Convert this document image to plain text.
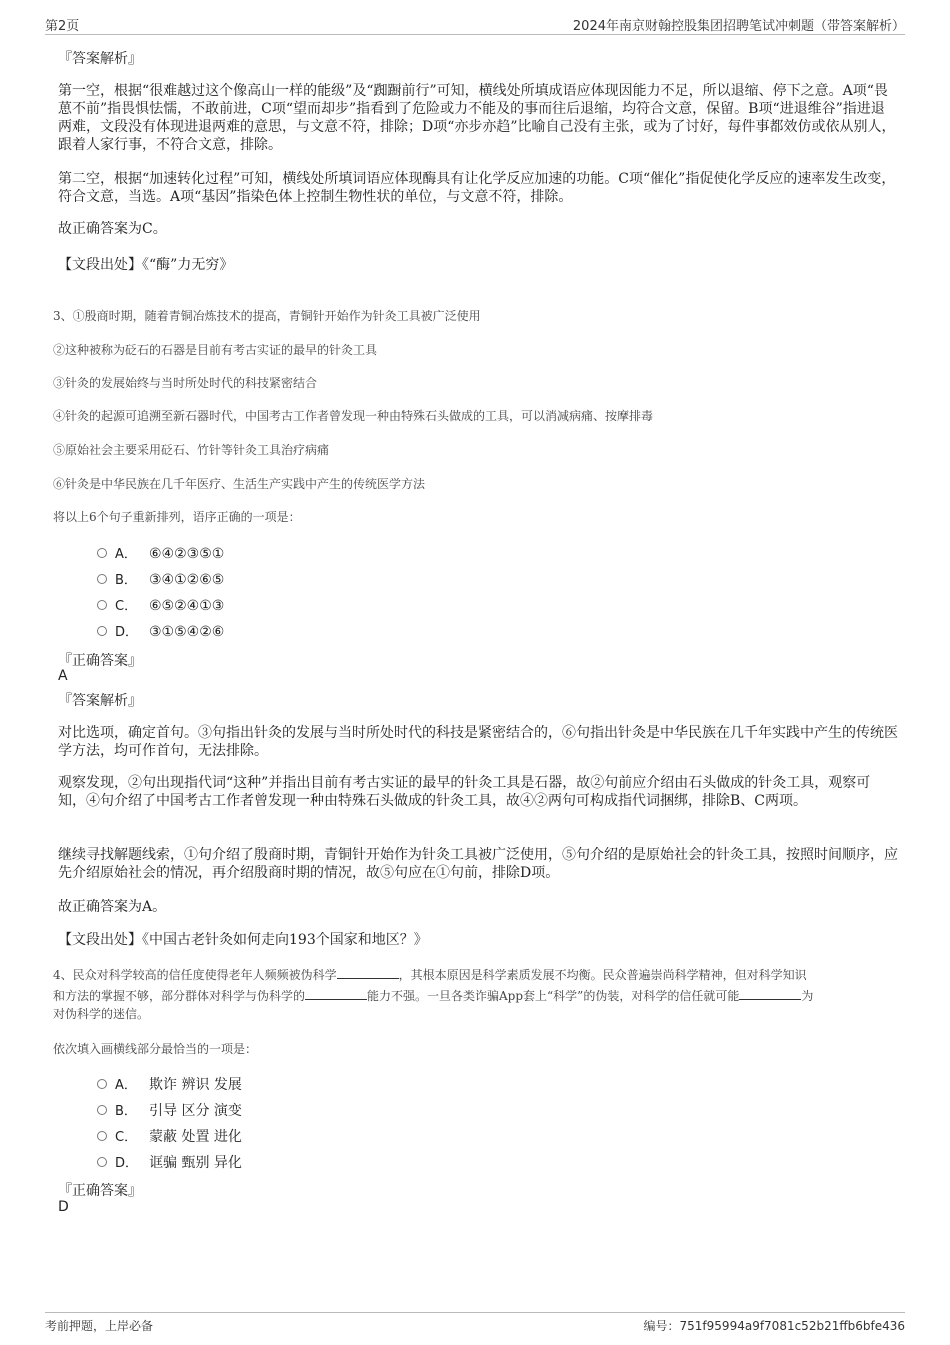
第2页	2024年南京财翰控股集团招聘笔试冲刺题（带答案解析）
『答案解析』
第一空，根据“很难越过这个像高山一样的能级”及“踟蹰前行”可知，横线处所填成语应体现因能力不足，所以退缩、停下之意。A项“畏葸不前”指畏惧怯懦，不敢前进，C项“望而却步”指看到了危险或力不能及的事而往后退缩，均符合文意，保留。B项“进退维谷”指进退两难，文段没有体现进退两难的意思，与文意不符，排除；D项“亦步亦趋”比喻自己没有主张，或为了讨好，每件事都效仿或依从别人，跟着人家行事，不符合文意，排除。
第二空，根据“加速转化过程”可知，横线处所填词语应体现酶具有让化学反应加速的功能。C项“催化”指促使化学反应的速率发生改变，符合文意，当选。A项“基因”指染色体上控制生物性状的单位，与文意不符，排除。
故正确答案为C。
【文段出处】《“酶”力无穷》
3、①殷商时期，随着青铜冶炼技术的提高，青铜针开始作为针灸工具被广泛使用
②这种被称为砭石的石器是目前有考古实证的最早的针灸工具
③针灸的发展始终与当时所处时代的科技紧密结合
④针灸的起源可追溯至新石器时代，中国考古工作者曾发现一种由特殊石头做成的工具，可以消减病痛、按摩排毒
⑤原始社会主要采用砭石、竹针等针灸工具治疗病痛
⑥针灸是中华民族在几千年医疗、生活生产实践中产生的传统医学方法
将以上6个句子重新排列，语序正确的一项是：
A． ⑥④②③⑤①
B． ③④①②⑥⑤
C． ⑥⑤②④①③
D． ③①⑤④②⑥
『正确答案』
A
『答案解析』
对比选项，确定首句。③句指出针灸的发展与当时所处时代的科技是紧密结合的，⑥句指出针灸是中华民族在几千年实践中产生的传统医学方法，均可作首句，无法排除。
观察发现，②句出现指代词“这种”并指出目前有考古实证的最早的针灸工具是石器，故②句前应介绍由石头做成的针灸工具，观察可知，④句介绍了中国考古工作者曾发现一种由特殊石头做成的针灸工具，故④②两句可构成指代词捆绑，排除B、C两项。
继续寻找解题线索，①句介绍了殷商时期，青铜针开始作为针灸工具被广泛使用，⑤句介绍的是原始社会的针灸工具，按照时间顺序，应先介绍原始社会的情况，再介绍殷商时期的情况，故⑤句应在①句前，排除D项。
故正确答案为A。
【文段出处】《中国古老针灸如何走向193个国家和地区？》
4、民众对科学较高的信任度使得老年人频频被伪科学	，其根本原因是科学素质发展不均衡。民众普遍崇尚科学精神，但对科学知识
和方法的掌握不够，部分群体对科学与伪科学的	能力不强。一旦各类诈骗App套上“科学”的伪装，对科学的信任就可能	为
对伪科学的迷信。
依次填入画横线部分最恰当的一项是：
A． 欺诈 辨识 发展
B． 引导 区分 演变
C． 蒙蔽 处置 进化
D． 诓骗 甄别 异化
『正确答案』
D
考前押题，上岸必备	编号：751f95994a9f7081c52b21ffb6bfe436
